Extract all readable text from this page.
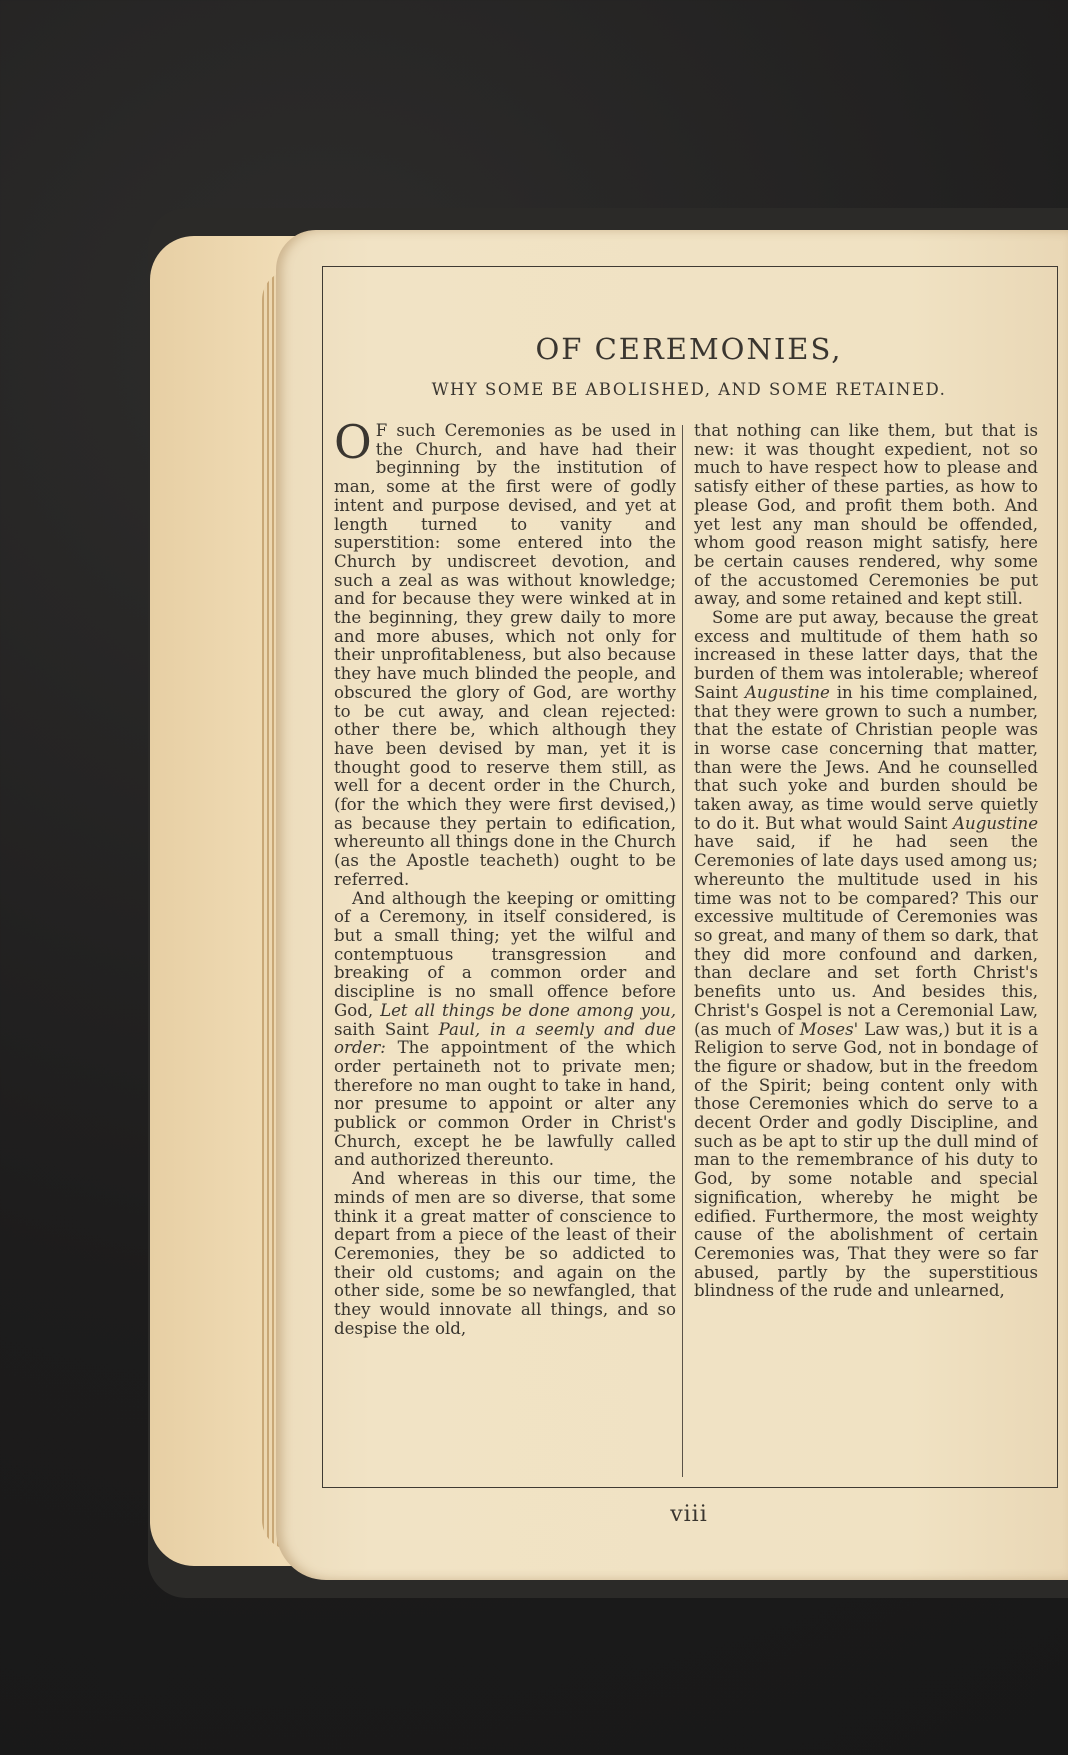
OF CEREMONIES,
WHY SOME BE ABOLISHED, AND SOME RETAINED.

O F such Ceremonies as be used in the Church, and have had their beginning by the institution of man, some at the first were of godly intent and purpose devised, and yet at length turned to vanity and superstition: some entered into the Church by undiscreet devotion, and such a zeal as was without knowledge; and for because they were winked at in the beginning, they grew daily to more and more abuses, which not only for their unprofitableness, but also because they have much blinded the people, and obscured the glory of God, are worthy to be cut away, and clean rejected: other there be, which although they have been devised by man, yet it is thought good to reserve them still, as well for a decent order in the Church, (for the which they were first devised,) as because they pertain to edification, whereunto all things done in the Church (as the Apostle teacheth) ought to be referred.

And although the keeping or omitting of a Ceremony, in itself considered, is but a small thing; yet the wilful and contemptuous transgression and breaking of a common order and discipline is no small offence before God, Let all things be done among you, saith Saint Paul, in a seemly and due order: The appointment of the which order pertaineth not to private men; therefore no man ought to take in hand, nor presume to appoint or alter any publick or common Order in Christ's Church, except he be lawfully called and authorized thereunto.

And whereas in this our time, the minds of men are so diverse, that some think it a great matter of conscience to depart from a piece of the least of their Ceremonies, they be so addicted to their old customs; and again on the other side, some be so newfangled, that they would innovate all things, and so despise the old,

that nothing can like them, but that is new: it was thought expedient, not so much to have respect how to please and satisfy either of these parties, as how to please God, and profit them both. And yet lest any man should be offended, whom good reason might satisfy, here be certain causes rendered, why some of the accustomed Ceremonies be put away, and some retained and kept still.

Some are put away, because the great excess and multitude of them hath so increased in these latter days, that the burden of them was intolerable; whereof Saint Augustine in his time complained, that they were grown to such a number, that the estate of Christian people was in worse case concerning that matter, than were the Jews. And he counselled that such yoke and burden should be taken away, as time would serve quietly to do it. But what would Saint Augustine have said, if he had seen the Ceremonies of late days used among us; whereunto the multitude used in his time was not to be compared? This our excessive multitude of Ceremonies was so great, and many of them so dark, that they did more confound and darken, than declare and set forth Christ's benefits unto us. And besides this, Christ's Gospel is not a Ceremonial Law, (as much of Moses' Law was,) but it is a Religion to serve God, not in bondage of the figure or shadow, but in the freedom of the Spirit; being content only with those Ceremonies which do serve to a decent Order and godly Discipline, and such as be apt to stir up the dull mind of man to the remembrance of his duty to God, by some notable and special signification, whereby he might be edified. Furthermore, the most weighty cause of the abolishment of certain Ceremonies was, That they were so far abused, partly by the superstitious blindness of the rude and unlearned,

viii
